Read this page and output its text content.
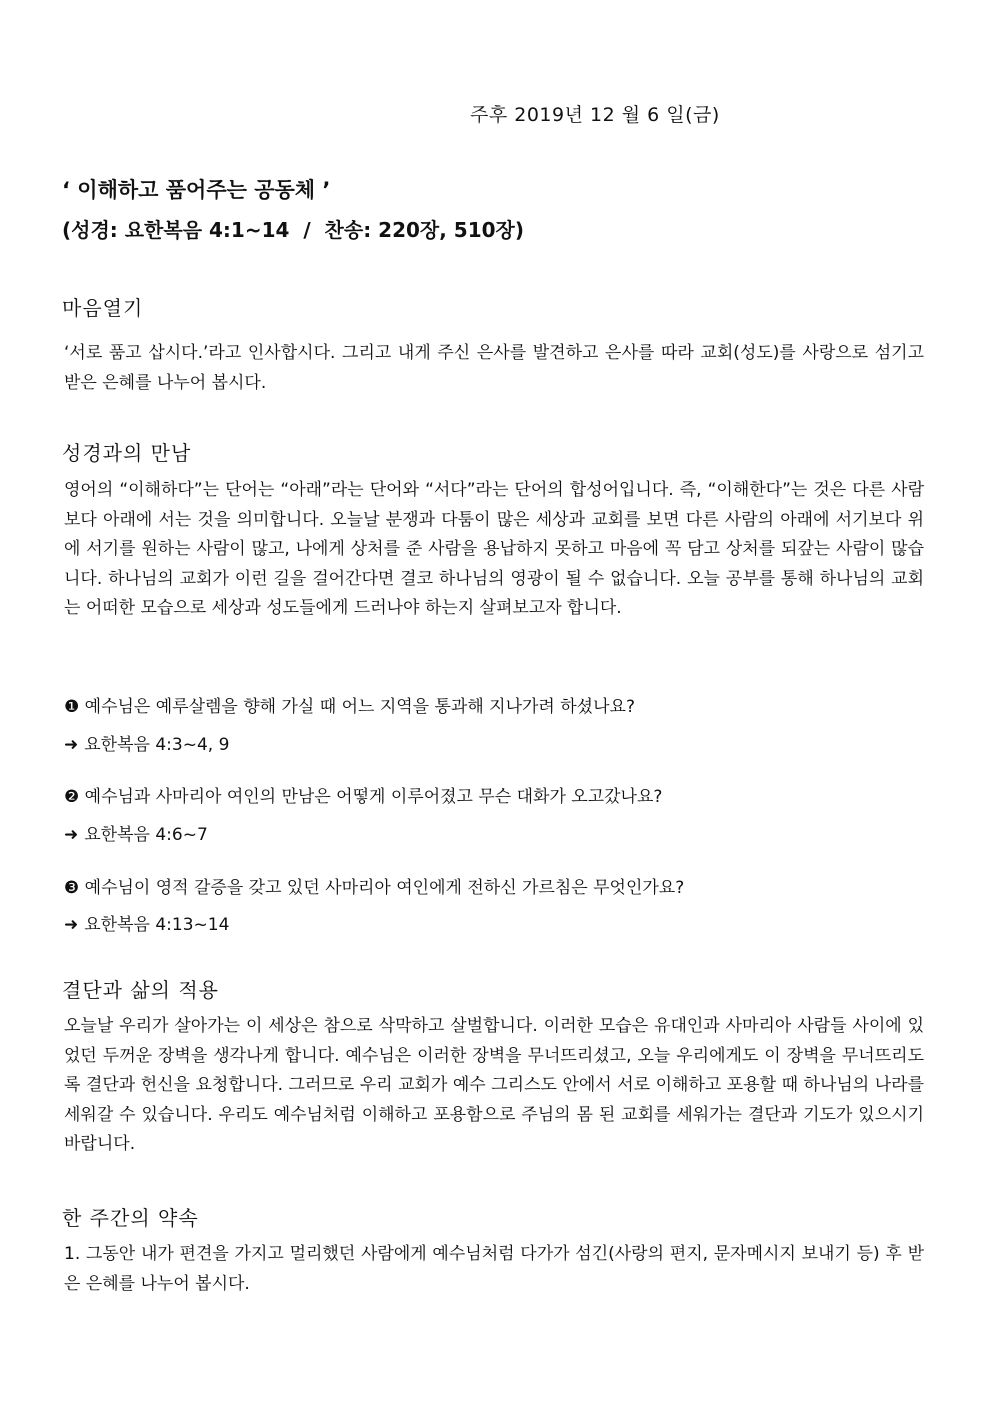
주후 2019년 12 월 6 일(금)
‘ 이해하고 품어주는 공동체 ’
(성경: 요한복음 4:1~14  /  찬송: 220장, 510장)
마음열기
‘서로 품고 삽시다.’라고 인사합시다. 그리고 내게 주신 은사를 발견하고 은사를 따라 교회(성도)를 사랑으로 섬기고 받은 은혜를 나누어 봅시다.
성경과의 만남
영어의 “이해하다”는 단어는 “아래”라는 단어와 “서다”라는 단어의 합성어입니다. 즉, “이해한다”는 것은 다른 사람보다 아래에 서는 것을 의미합니다. 오늘날 분쟁과 다툼이 많은 세상과 교회를 보면 다른 사람의 아래에 서기보다 위에 서기를 원하는 사람이 많고, 나에게 상처를 준 사람을 용납하지 못하고 마음에 꼭 담고 상처를 되갚는 사람이 많습니다. 하나님의 교회가 이런 길을 걸어간다면 결코 하나님의 영광이 될 수 없습니다. 오늘 공부를 통해 하나님의 교회는 어떠한 모습으로 세상과 성도들에게 드러나야 하는지 살펴보고자 합니다.
❶ 예수님은 예루살렘을 향해 가실 때 어느 지역을 통과해 지나가려 하셨나요?
➜ 요한복음 4:3~4, 9
❷ 예수님과 사마리아 여인의 만남은 어떻게 이루어졌고 무슨 대화가 오고갔나요?
➜ 요한복음 4:6~7
❸ 예수님이 영적 갈증을 갖고 있던 사마리아 여인에게 전하신 가르침은 무엇인가요?
➜ 요한복음 4:13~14
결단과 삶의 적용
오늘날 우리가 살아가는 이 세상은 참으로 삭막하고 살벌합니다. 이러한 모습은 유대인과 사마리아 사람들 사이에 있었던 두꺼운 장벽을 생각나게 합니다. 예수님은 이러한 장벽을 무너뜨리셨고, 오늘 우리에게도 이 장벽을 무너뜨리도록 결단과 헌신을 요청합니다. 그러므로 우리 교회가 예수 그리스도 안에서 서로 이해하고 포용할 때 하나님의 나라를 세워갈 수 있습니다. 우리도 예수님처럼 이해하고 포용함으로 주님의 몸 된 교회를 세워가는 결단과 기도가 있으시기 바랍니다.
한 주간의 약속
1. 그동안 내가 편견을 가지고 멀리했던 사람에게 예수님처럼 다가가 섬긴(사랑의 편지, 문자메시지 보내기 등) 후 받은 은혜를 나누어 봅시다.
